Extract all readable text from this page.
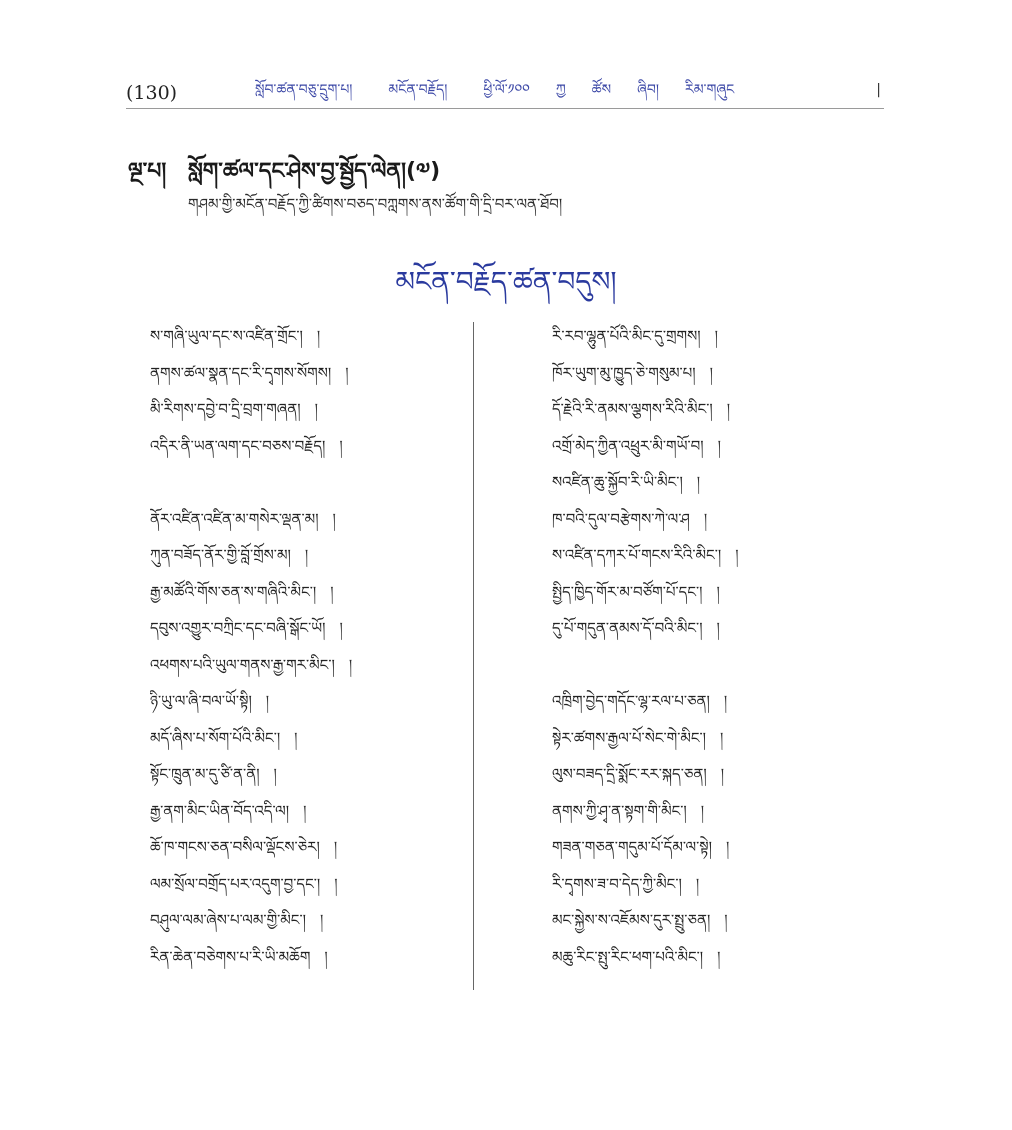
(130)	སློབ་ཚན་བཅུ་དྲུག་པ།	མངོན་བརྗོད།	ཕྱི་ལོ་༡༠༠ ཀྱ ཚོས ཞིབ། རིམ་གཞུང	|
ལྔ་པ། སློག་ཚལ་དང་ཤེས་བྱ་སྦྱོད་ལེན།(༧)
གཤམ་གྱི་མངོན་བརྗོད་ཀྱི་ཚིགས་བཅད་བཀླགས་ནས་ཚོག་གི་དྲི་བར་ལན་ཐོབ།
མངོན་བརྗོད་ཚན་བདུས།
ས་གཞི་ཡུལ་དང་ས་འཛིན་གྲོང་། །
ནགས་ཚལ་སྣན་དང་རི་དྭགས་སོགས། །
མི་རིགས་དབྱེ་བ་དྲི་བྲག་གཞན། །
འདིར་ནི་ཡན་ལག་དང་བཅས་བརྗོད། །
ནོར་འཛིན་འཛིན་མ་གསེར་ལྡན་མ། །
ཀུན་བཟོད་ནོར་གྱི་བློ་གྲོས་མ། །
རྒྱ་མཚོའི་གོས་ཅན་ས་གཞིའི་མིང་། །
དབུས་འགྱུར་བཀྲིང་དང་བཞི་སྒོང་ཡོ། །
འཕགས་པའི་ཡུལ་གནས་རྒྱ་གར་མིང་། །
ཉི་ཡུ་ལ་ཞི་བལ་ཡོ་སྟི། །
མདོ་ཞིས་པ་སོག་པོའི་མིང་། །
སྟོང་ཁྲུན་མ་དུ་ཙི་ན་ནི། །
རྒྱ་ནག་མིང་ཡིན་བོད་འདི་ལ། །
ཆོ་ཁ་གངས་ཅན་བསིལ་ལྡོངས་ཅེར། །
ལམ་སྲོལ་བགྲོད་པར་འདུག་བྱ་དང་། །
བཤུལ་ལམ་ཞེས་པ་ལམ་གྱི་མིང་། །
རིན་ཆེན་བཅེགས་པ་རི་ཡི་མཆོག །
རི་རབ་ལྷུན་པོའི་མིང་དུ་གྲགས། །
ཁོར་ཡུག་མུ་ཁྱུད་ཅེ་གསུམ་པ། །
དོ་རྗེའི་རི་ནམས་ལྕགས་རིའི་མིང་། །
འགྲོ་མེད་ཀྱིན་འཕྲུར་མི་གཡོ་བ། །
སའཛིན་ཆུ་སྐྱོབ་རི་ཡི་མིང་། །
ཁ་བའི་དུལ་བརྩེགས་ཀེ་ལ་ཤ །
ས་འཛིན་དཀར་པོ་གངས་རིའི་མིང་། །
སྤྱིད་ཁྱིད་གོར་མ་བཙོག་པོ་དང་། །
དུ་པོ་གདུན་ནམས་དོ་བའི་མིང་། །
འཁྲིག་བྱེད་གདོང་ལྷ་རལ་པ་ཅན། །
སྟེར་ཚགས་རྒྱལ་པོ་སེང་གེ་མིང་། །
ལུས་བཟད་དྲི་སྨོང་རར་སྐད་ཅན། །
ནགས་ཀྱི་ཤྭ་ན་སྟག་གི་མིང་། །
གཟན་གཅན་གདུམ་པོ་དོམ་ལ་སྟེ། །
རི་དྭགས་ཟ་བ་དེད་ཀྱི་མིང་། །
མང་སྐྱེས་ས་འཇོམས་དུར་སྤྲུ་ཅན། །
མཆུ་རིང་སྤུ་རིང་ཕག་པའི་མིང་། །
